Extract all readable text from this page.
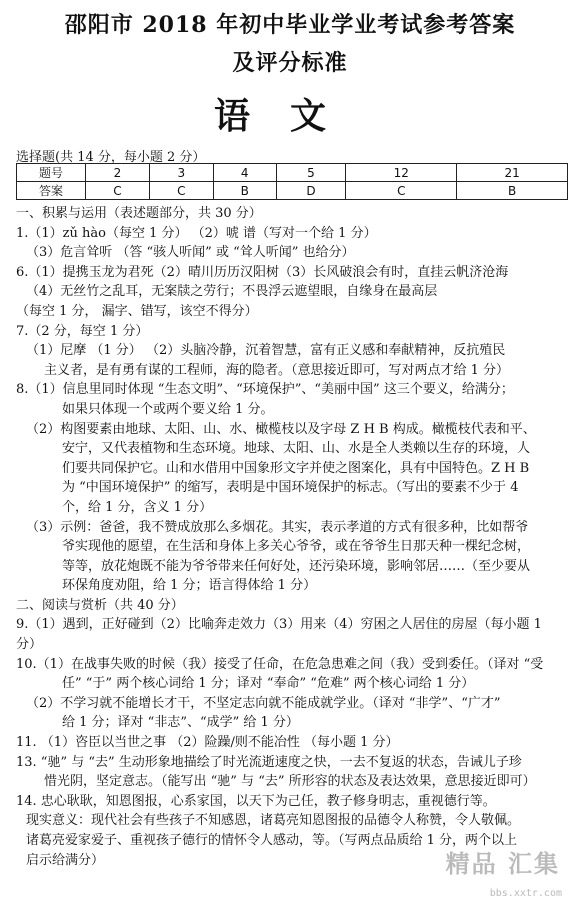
邵阳市 2018 年初中毕业学业考试参考答案
及评分标准
语文
选择题(共 14 分，每小题 2 分）
题号	2	3	4	5	12	21
答案	C	C	B	D	C	B
一、积累与运用（表述题部分，共 30 分）
1.（1）zǔ hào（每空 1 分） （2）唬 谱（写对一个给 1 分）
（3）危言耸听 （答 “骇人听闻” 或 “耸人听闻” 也给分）
6.（1）提携玉龙为君死（2）晴川历历汉阳树（3）长风破浪会有时，直挂云帆济沧海
（4）无丝竹之乱耳，无案牍之劳行；不畏浮云遮望眼，自缘身在最高层
（每空 1 分， 漏字、错写，该空不得分）
7.（2 分，每空 1 分）
（1）尼摩 （1 分） （2）头脑冷静，沉着智慧，富有正义感和奉献精神，反抗殖民
主义者，是有勇有谋的工程师，海的隐者。（意思接近即可，写对两点才给 1 分）
8.（1）信息里同时体现 “生态文明”、“环境保护”、“美丽中国” 这三个要义，给满分；
如果只体现一个或两个要义给 1 分。
（2）构图要素由地球、太阳、山、水、橄榄枝以及字母 Z H B 构成。橄榄枝代表和平、
安宁，又代表植物和生态环境。地球、太阳、山、水是全人类赖以生存的环境，人
们要共同保护它。山和水借用中国象形文字并使之图案化，具有中国特色。Z H B
为 “中国环境保护” 的缩写，表明是中国环境保护的标志。（写出的要素不少于 4
个，给 1 分，含义 1 分）
（3）示例：爸爸，我不赞成放那么多烟花。其实，表示孝道的方式有很多种，比如帮爷
爷实现他的愿望，在生活和身体上多关心爷爷，或在爷爷生日那天种一棵纪念树，
等等，放花炮既不能为爷爷带来任何好处，还污染环境，影响邻居……（至少要从
环保角度劝阻，给 1 分；语言得体给 1 分）
二、阅读与赏析（共 40 分）
9.（1）遇到，正好碰到（2）比喻奔走效力（3）用来（4）穷困之人居住的房屋（每小题 1
分）
10.（1）在战事失败的时候（我）接受了任命，在危急患难之间（我）受到委任。（译对 “受
任” “于” 两个核心词给 1 分；译对 “奉命” “危难” 两个核心词给 1 分）
（2）不学习就不能增长才干，不坚定志向就不能成就学业。（译对 “非学”、“广才”
给 1 分；译对 “非志”、“成学” 给 1 分）
11. （1）咨臣以当世之事 （2）险躁/则不能冶性 （每小题 1 分）
13. “驰” 与 “去” 生动形象地描绘了时光流逝速度之快，一去不复返的状态，告诫儿子珍
惜光阴，坚定意志。（能写出 “驰” 与 “去” 所形容的状态及表达效果，意思接近即可）
14. 忠心耿耿，知恩图报，心系家国，以天下为己任，教子修身明志，重视德行等。
现实意义：现代社会有些孩子不知感恩，诸葛亮知恩图报的品德令人称赞，令人敬佩。
诸葛亮爱家爱子、重视孩子德行的情怀令人感动，等。（写两点品质给 1 分，两个以上
启示给满分）	精品 汇集
bbs.xxtr.com
